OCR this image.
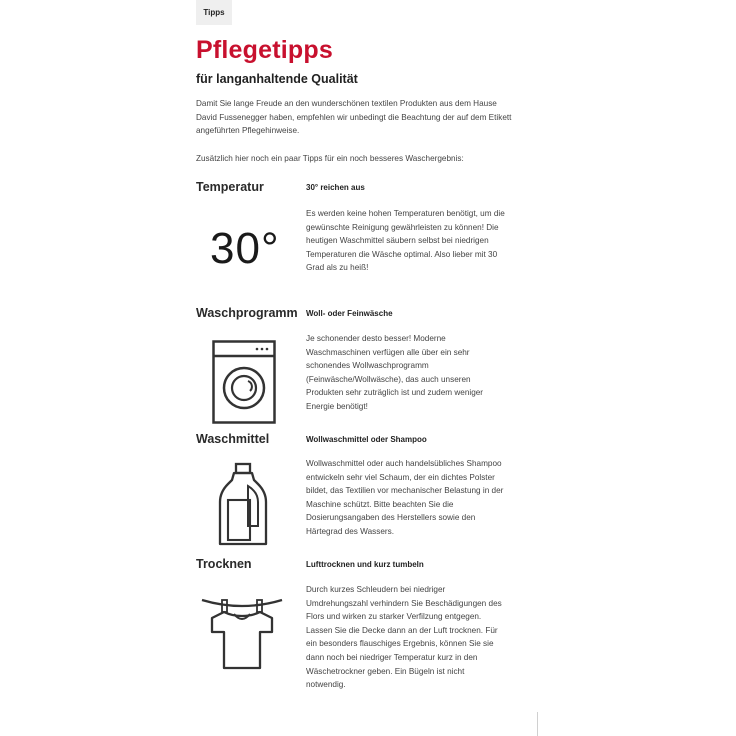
Tipps
Pflegetipps
für langanhaltende Qualität

Damit Sie lange Freude an den wunderschönen textilen Produkten aus dem Hause David Fussenegger haben, empfehlen wir unbedingt die Beachtung der auf dem Etikett angeführten Pflegehinweise.

Zusätzlich hier noch ein paar Tipps für ein noch besseres Waschergebnis:

Temperatur	30° reichen aus

Es werden keine hohen Temperaturen benötigt, um die gewünschte Reinigung gewährleisten zu können! Die heutigen Waschmittel säubern selbst bei niedrigen Temperaturen die Wäsche optimal. Also lieber mit 30 Grad als zu heiß!

30°
Waschprogramm Woll- oder Feinwäsche

Je schonender desto besser! Moderne Waschmaschinen verfügen alle über ein sehr schonendes Wollwaschprogramm (Feinwäsche/Wollwäsche), das auch unseren Produkten sehr zuträglich ist und zudem weniger Energie benötigt!

Waschmittel	Wollwaschmittel oder Shampoo

Wollwaschmittel oder auch handelsübliches Shampoo entwickeln sehr viel Schaum, der ein dichtes Polster bildet, das Textilien vor mechanischer Belastung in der Maschine schützt. Bitte beachten Sie die Dosierungsangaben des Herstellers sowie den Härtegrad des Wassers.

Trocknen	Lufttrocknen und kurz tumbeln

Durch kurzes Schleudern bei niedriger Umdrehungszahl verhindern Sie Beschädigungen des Flors und wirken zu starker Verfilzung entgegen. Lassen Sie die Decke dann an der Luft trocknen. Für ein besonders flauschiges Ergebnis, können Sie sie dann noch bei niedriger Temperatur kurz in den Wäschetrockner geben. Ein Bügeln ist nicht notwendig.
